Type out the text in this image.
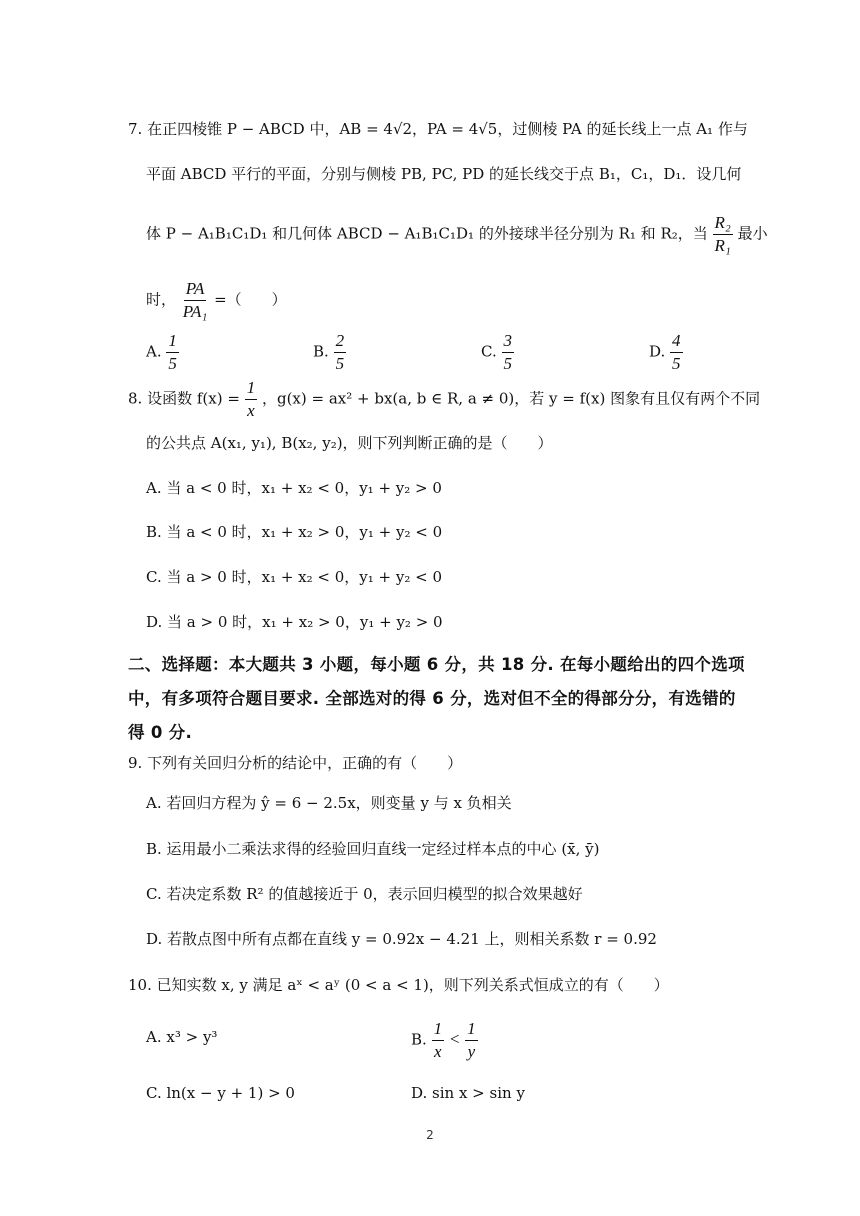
7. 在正四棱锥 P − ABCD 中，AB = 4√2，PA = 4√5，过侧棱 PA 的延长线上一点 A₁ 作与
平面 ABCD 平行的平面，分别与侧棱 PB, PC, PD 的延长线交于点 B₁，C₁，D₁．设几何
体 P − A₁B₁C₁D₁ 和几何体 ABCD − A₁B₁C₁D₁ 的外接球半径分别为 R₁ 和 R₂，当 $\frac{\text{R₂}}{\text{R₁}}$ 最小
时， $\frac{PA}{\text{PA₁}}$ =（　　）
A. $\frac{1}{5}$	B. $\frac{2}{5}$	C. $\frac{3}{5}$	D. $\frac{4}{5}$
8. 设函数 $f(x) = \frac{1}{x}$ ，g(x) = ax² + bx(a, b ∈ R, a ≠ 0)，若 y = f(x) 图象有且仅有两个不同
的公共点 A(x₁, y₁), B(x₂, y₂)，则下列判断正确的是（　　）
A. 当 a < 0 时，x₁ + x₂ < 0，y₁ + y₂ > 0
B. 当 a < 0 时，x₁ + x₂ > 0，y₁ + y₂ < 0
C. 当 a > 0 时，x₁ + x₂ < 0，y₁ + y₂ < 0
D. 当 a > 0 时，x₁ + x₂ > 0，y₁ + y₂ > 0
二、选择题：本大题共 3 小题，每小题 6 分，共 18 分. 在每小题给出的四个选项中，有多项符合题目要求. 全部选对的得 6 分，选对但不全的得部分分，有选错的得 0 分.
9. 下列有关回归分析的结论中，正确的有（　　）
A. 若回归方程为 ŷ = 6 − 2.5x，则变量 y 与 x 负相关
B. 运用最小二乘法求得的经验回归直线一定经过样本点的中心 (x̄, ȳ)
C. 若决定系数 R² 的值越接近于 0，表示回归模型的拟合效果越好
D. 若散点图中所有点都在直线 y = 0.92x − 4.21 上，则相关系数 r = 0.92
10. 已知实数 x, y 满足 aˣ < aʸ (0 < a < 1)，则下列关系式恒成立的有（　　）
A. x³ > y³	B. $\frac{1}{x} < \frac{1}{y}$
C. ln(x − y + 1) > 0	D. sin x > sin y
2
